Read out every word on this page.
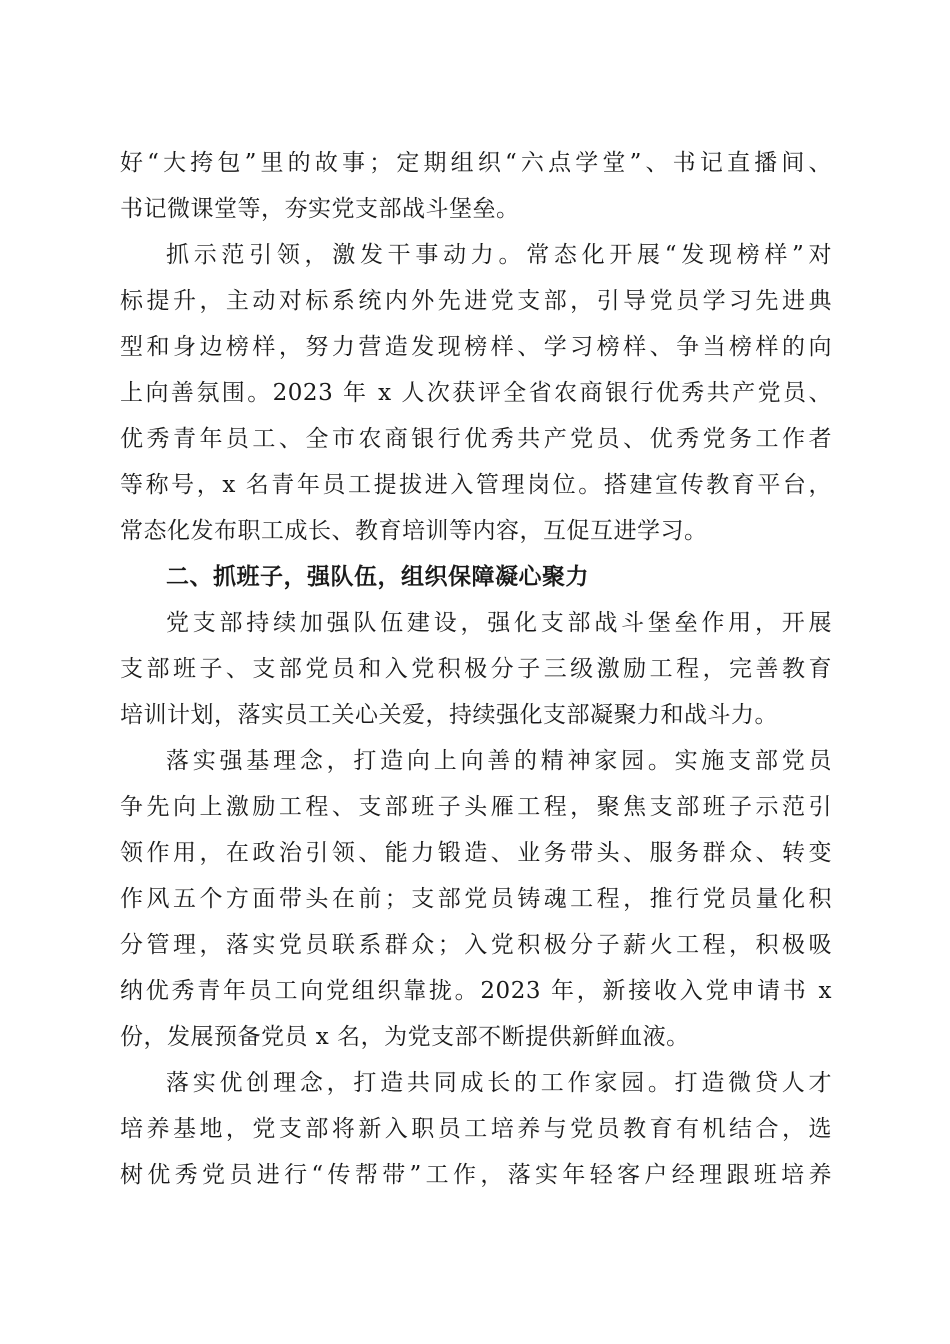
好“大挎包”里的故事；定期组织“六点学堂”、书记直播间、
书记微课堂等，夯实党支部战斗堡垒。
抓示范引领，激发干事动力。常态化开展“发现榜样”对
标提升，主动对标系统内外先进党支部，引导党员学习先进典
型和身边榜样，努力营造发现榜样、学习榜样、争当榜样的向
上向善氛围。2023 年 x 人次获评全省农商银行优秀共产党员、
优秀青年员工、全市农商银行优秀共产党员、优秀党务工作者
等称号，x 名青年员工提拔进入管理岗位。搭建宣传教育平台，
常态化发布职工成长、教育培训等内容，互促互进学习。
二、抓班子，强队伍，组织保障凝心聚力
党支部持续加强队伍建设，强化支部战斗堡垒作用，开展
支部班子、支部党员和入党积极分子三级激励工程，完善教育
培训计划，落实员工关心关爱，持续强化支部凝聚力和战斗力。
落实强基理念，打造向上向善的精神家园。实施支部党员
争先向上激励工程、支部班子头雁工程，聚焦支部班子示范引
领作用，在政治引领、能力锻造、业务带头、服务群众、转变
作风五个方面带头在前；支部党员铸魂工程，推行党员量化积
分管理，落实党员联系群众；入党积极分子薪火工程，积极吸
纳优秀青年员工向党组织靠拢。2023 年，新接收入党申请书 x
份，发展预备党员 x 名，为党支部不断提供新鲜血液。
落实优创理念，打造共同成长的工作家园。打造微贷人才
培养基地，党支部将新入职员工培养与党员教育有机结合，选
树优秀党员进行“传帮带”工作，落实年轻客户经理跟班培养
